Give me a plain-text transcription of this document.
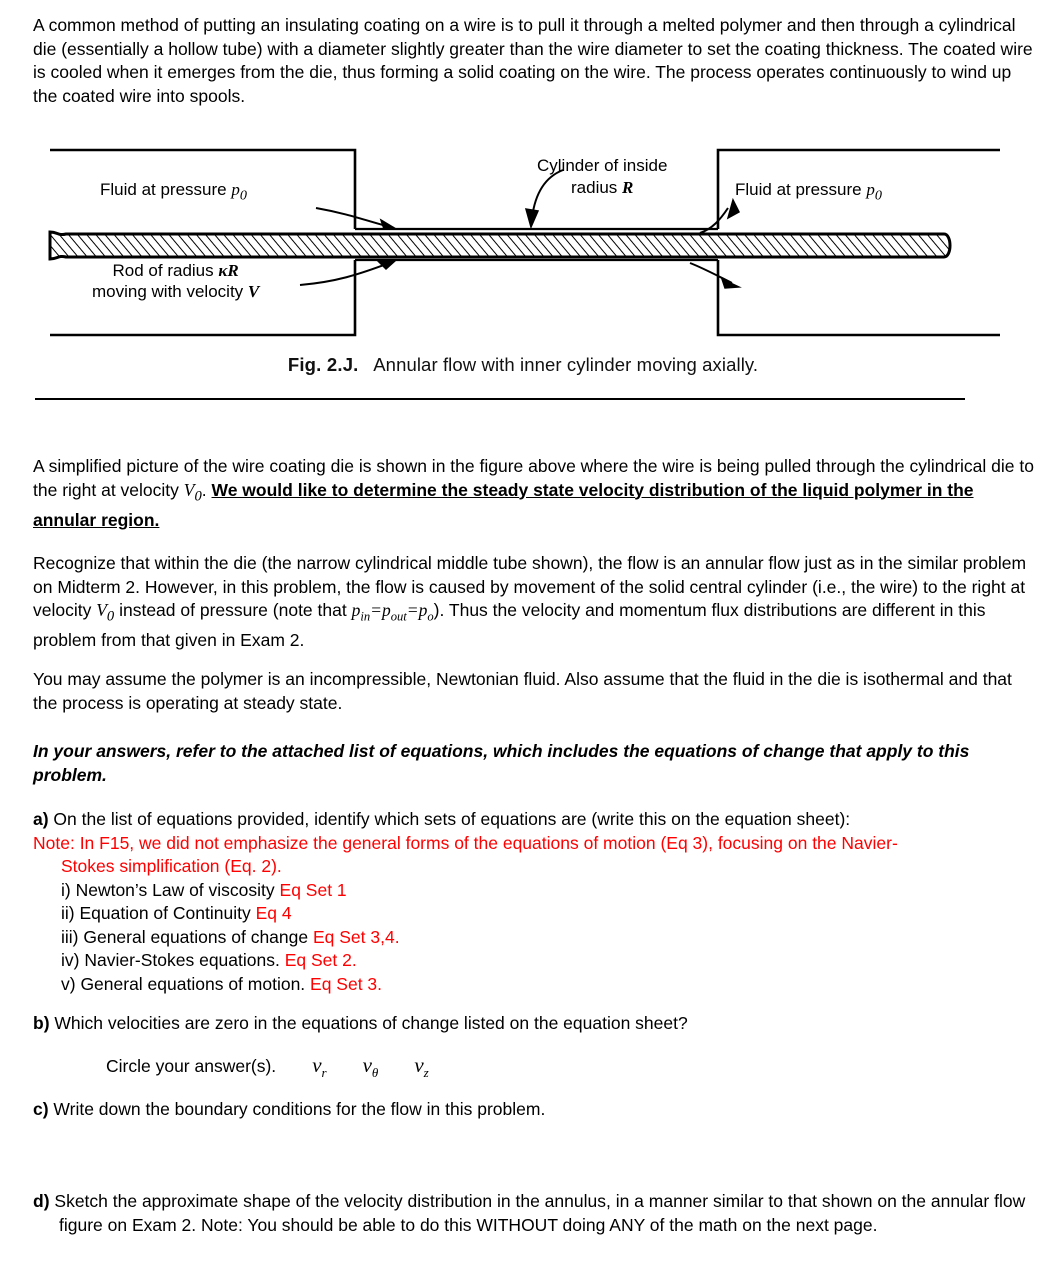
A common method of putting an insulating coating on a wire is to pull it through a melted polymer and then through a cylindrical die (essentially a hollow tube) with a diameter slightly greater than the wire diameter to set the coating thickness. The coated wire is cooled when it emerges from the die, thus forming a solid coating on the wire. The process operates continuously to wind up the coated wire into spools.

Fluid at pressure $p_0$
Rod of radius κR
moving with velocity V
Cylinder of inside
radius R	Fluid at pressure $p_0$
Fig. 2.J. Annular flow with inner cylinder moving axially.

A simplified picture of the wire coating die is shown in the figure above where the wire is being pulled through the cylindrical die to the right at velocity $V_0$. We would like to determine the steady state velocity distribution of the liquid polymer in the annular region.

Recognize that within the die (the narrow cylindrical middle tube shown), the flow is an annular flow just as in the similar problem on Midterm 2. However, in this problem, the flow is caused by movement of the solid central cylinder (i.e., the wire) to the right at velocity $V_0$ instead of pressure (note that $p_{in}=p_{out}=p_o$). Thus the velocity and momentum flux distributions are different in this problem from that given in Exam 2.

You may assume the polymer is an incompressible, Newtonian fluid. Also assume that the fluid in the die is isothermal and that the process is operating at steady state.

In your answers, refer to the attached list of equations, which includes the equations of change that apply to this problem.

a) On the list of equations provided, identify which sets of equations are (write this on the equation sheet):
Note: In F15, we did not emphasize the general forms of the equations of motion (Eq 3), focusing on the Navier-
Stokes simplification (Eq. 2).
i) Newton’s Law of viscosity Eq Set 1
ii) Equation of Continuity Eq 4
iii) General equations of change Eq Set 3,4.
iv) Navier-Stokes equations. Eq Set 2.
v) General equations of motion. Eq Set 3.
b) Which velocities are zero in the equations of change listed on the equation sheet?
Circle your answer(s). $v_r$ $v_\theta$ $v_z$
c) Write down the boundary conditions for the flow in this problem.
d) Sketch the approximate shape of the velocity distribution in the annulus, in a manner similar to that shown on the annular flow figure on Exam 2. Note: You should be able to do this WITHOUT doing ANY of the math on the next page.
